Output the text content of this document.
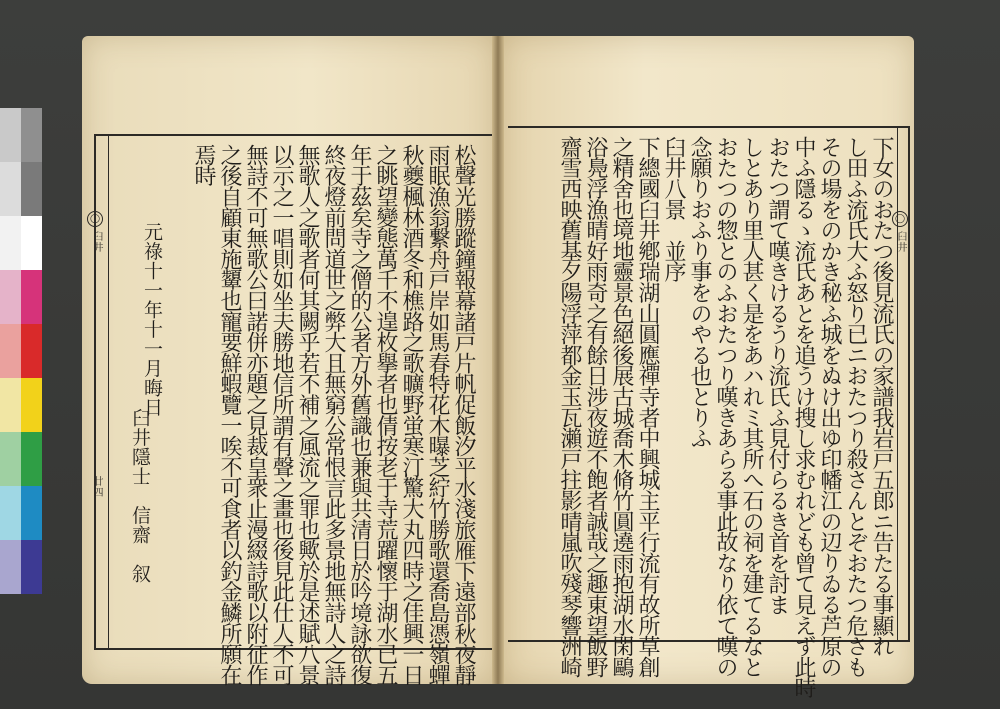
◯
臼井
廿四	松聲光勝蹤鐘報幕諸戸片帆促飯汐平水淺旅雁下遠部秋夜靜
雨眠漁翁繋舟戸岸如馬春特花木曝芝紵竹勝歌還喬島憑嶺蟬
秋夔楓林酒冬和樵路之歌曠野蛍寒汀驚大丸四時之佳興一日
之眺望變態萬千不遑枚擧者也倩按老于寺荒躍懷于湖水已五
年于茲矣寺之僧的公者方外舊識也兼與共清日於吟境詠欲復
終夜燈前問道世之弊大且無窮公常恨言此多景地無詩人之詩
無歌人之歌者何其闕乎若不補之風流之罪也歟於是述賦八景
以示之一唱則如坐夫勝地信所謂有聲之畫也後見此仕人不可
無詩不可無歌公曰諾併亦題之見裁皇衆止漫綴詩歌以附征作
之後自顧東施顰也寵要鮮蝦覽一唉不可食者以釣金鱗所願在
焉時
元祿十一年十一月晦日
臼井隱士　信齋　叙
◯
臼井
下女のおたつ後見流氏の家譜我岩戸五郎ニ告たる事顯れ
し田ふ流氏大ふ怒り已ニおたつり殺さんとぞおたつ危さも
その場をのかき秘ふ城をぬけ出ゆ印幡江の辺りゐる芦原の
中ふ隱るゝ流氏あとを追うけ搜し求むれども曾て見えず此時
おたつ謂て嘆きけるうり流氏ふ見付らるき首を討ま
しとあり里人甚く是をあハれミ其所へ石の祠を建てるなと
おたつの惣とのふおたつり嘆きあらる事此故なり依て嘆の
念願りおふり事をのやる也とりふ
臼井八景　並序
下總國臼井鄕瑞湖山圓應禪寺者中興城主平行流有故所草創
之精舍也境地靈景色絕後展古城喬木脩竹圓遶雨抱湖水閑鷗
浴鳧浮漁晴好雨奇之有餘日涉夜遊不飽者誠哉之趣東望飯野
齋雪西映舊基夕陽浮萍都金玉瓦瀨戸拄影晴嵐吹殘琴響洲崎
